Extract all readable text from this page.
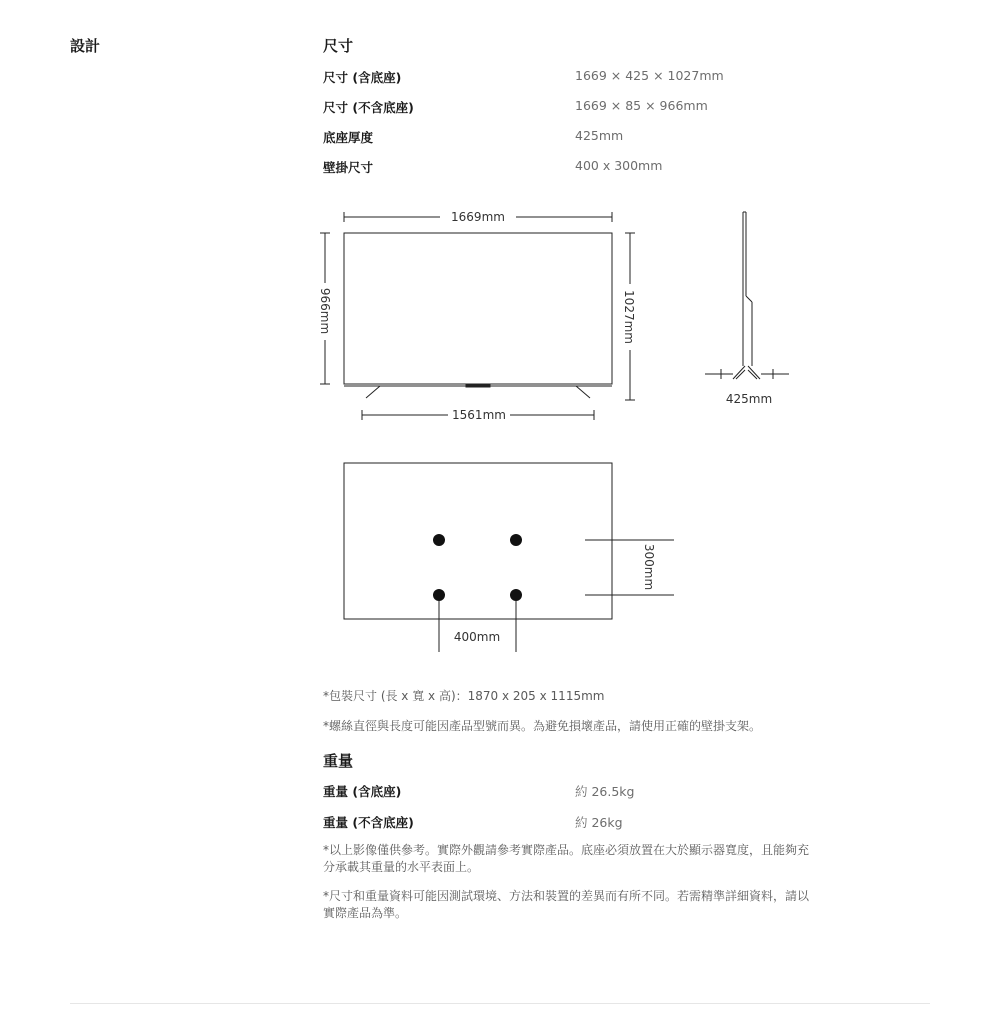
設計	尺寸
尺寸 (含底座)	1669 × 425 × 1027mm
尺寸 (不含底座)	1669 × 85 × 966mm
底座厚度	425mm
壁掛尺寸	400 x 300mm
1669mm
966mm	1027mm
1561mm
425mm
300mm
400mm
*包裝尺寸 (長 x 寬 x 高)：1870 x 205 x 1115mm
*螺絲直徑與長度可能因產品型號而異。為避免損壞產品，請使用正確的壁掛支架。
重量
重量 (含底座)	約 26.5kg
重量 (不含底座)	約 26kg
*以上影像僅供參考。實際外觀請參考實際產品。底座必須放置在大於顯示器寬度，且能夠充分承載其重量的水平表面上。
*尺寸和重量資料可能因測試環境、方法和裝置的差異而有所不同。若需精準詳細資料，請以實際產品為準。
